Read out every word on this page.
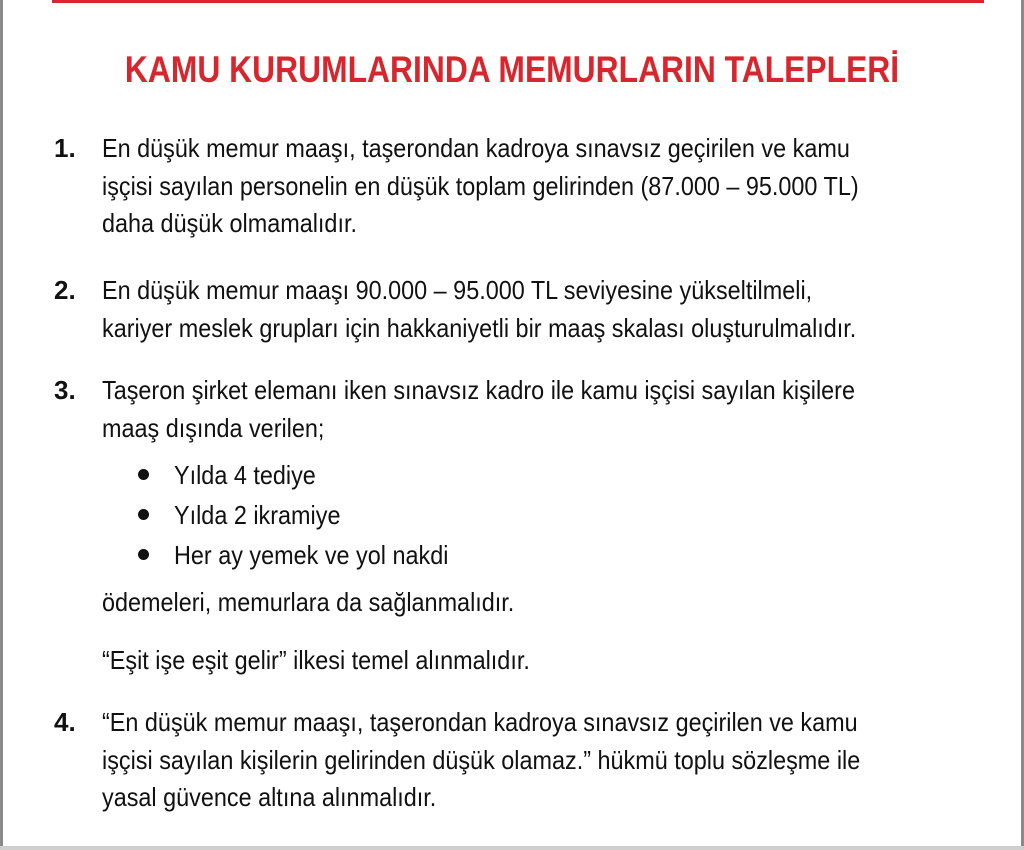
KAMU KURUMLARINDA MEMURLARIN TALEPLERİ
1.	En düşük memur maaşı, taşerondan kadroya sınavsız geçirilen ve kamu
işçisi sayılan personelin en düşük toplam gelirinden (87.000 – 95.000 TL)
daha düşük olmamalıdır.
2.	En düşük memur maaşı 90.000 – 95.000 TL seviyesine yükseltilmeli,
kariyer meslek grupları için hakkaniyetli bir maaş skalası oluşturulmalıdır.
3.	Taşeron şirket elemanı iken sınavsız kadro ile kamu işçisi sayılan kişilere
maaş dışında verilen;
Yılda 4 tediye
Yılda 2 ikramiye
Her ay yemek ve yol nakdi
ödemeleri, memurlara da sağlanmalıdır.
“Eşit işe eşit gelir” ilkesi temel alınmalıdır.
4.	“En düşük memur maaşı, taşerondan kadroya sınavsız geçirilen ve kamu
işçisi sayılan kişilerin gelirinden düşük olamaz.” hükmü toplu sözleşme ile
yasal güvence altına alınmalıdır.
